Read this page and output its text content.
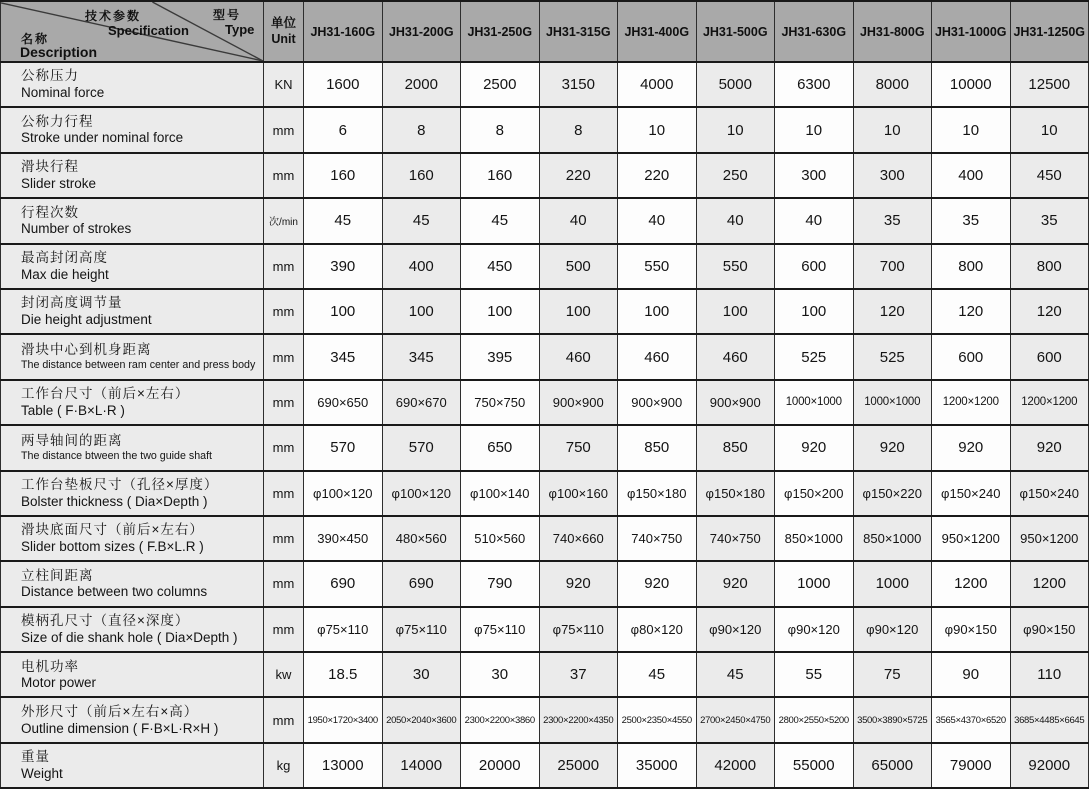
技术参数
Specification
型号
Type
名称
Description

单位
Unit	JH31-160G	JH31-200G	JH31-250G	JH31-315G	JH31-400G	JH31-500G	JH31-630G	JH31-800G	JH31-1000G	JH31-1250G

公称压力
Nominal force	KN	1600	2000	2500	3150	4000	5000	6300	8000	10000	12500

公称力行程
Stroke under nominal force	mm	6	8	8	8	10	10	10	10	10	10

滑块行程
Slider stroke	mm	160	160	160	220	220	250	300	300	400	450

行程次数
Number of strokes	次/min	45	45	45	40	40	40	40	35	35	35

最高封闭高度
Max die height	mm	390	400	450	500	550	550	600	700	800	800

封闭高度调节量
Die height adjustment	mm	100	100	100	100	100	100	100	120	120	120

滑块中心到机身距离
The distance between ram center and press body	mm	345	345	395	460	460	460	525	525	600	600

工作台尺寸（前后×左右）
Table ( F·B×L·R )	mm	690×650	690×670	750×750	900×900	900×900	900×900	1000×1000	1000×1000	1200×1200	1200×1200

两导轴间的距离
The distance btween the two guide shaft	mm	570	570	650	750	850	850	920	920	920	920

工作台垫板尺寸（孔径×厚度）
Bolster thickness ( Dia×Depth )	mm	φ100×120	φ100×120	φ100×140	φ100×160	φ150×180	φ150×180	φ150×200	φ150×220	φ150×240	φ150×240

滑块底面尺寸（前后×左右）
Slider bottom sizes ( F.B×L.R )	mm	390×450	480×560	510×560	740×660	740×750	740×750	850×1000	850×1000	950×1200	950×1200

立柱间距离
Distance between two columns	mm	690	690	790	920	920	920	1000	1000	1200	1200

模柄孔尺寸（直径×深度）
Size of die shank hole ( Dia×Depth )	mm	φ75×110	φ75×110	φ75×110	φ75×110	φ80×120	φ90×120	φ90×120	φ90×120	φ90×150	φ90×150

电机功率
Motor power	kw	18.5	30	30	37	45	45	55	75	90	110

外形尺寸（前后×左右×高）
Outline dimension ( F·B×L·R×H )	mm	1950×1720×3400	2050×2040×3600	2300×2200×3860	2300×2200×4350	2500×2350×4550	2700×2450×4750	2800×2550×5200	3500×3890×5725	3565×4370×6520	3685×4485×6645

重量
Weight	kg	13000	14000	20000	25000	35000	42000	55000	65000	79000	92000
